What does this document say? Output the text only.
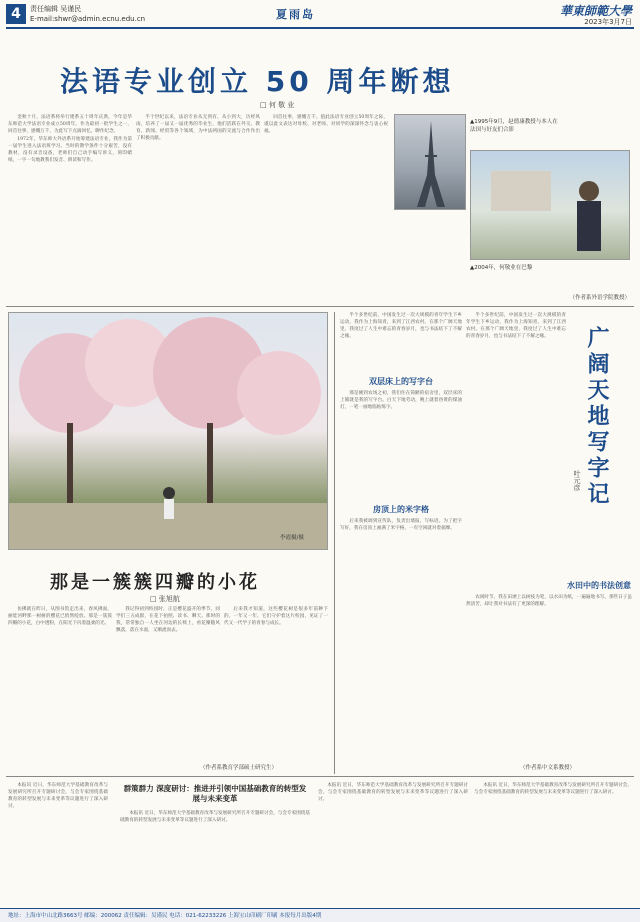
4	责任编辑 吴谨民
E-mail:shwr@admin.ecnu.edu.cn	夏雨岛	華東師範大學
2023年3月7日
法语专业创立 50 周年断想
□ 何 敬 业

金秋十月，法语系将举行建系五十周年庆典，今年是华东师范大学法语专业成立50周年。作为最初一批学生之一，回首往事，感慨万千，为此写下点滴回忆，聊作纪念。

1972年，华东师大外语系开始筹建法语专业，我作为第一届学生进入法语班学习。当时的教学条件十分艰苦，没有教材，没有录音设备，老师们自己动手编写讲义，刻印蜡纸，一字一句地教我们发音、朗读和写作。

半个世纪以来，法语专业从无到有、从小到大，历经风雨，培养了一届又一届优秀的毕业生，他们活跃在外交、教育、新闻、经贸等各个领域，为中法两国的交流与合作作出了积极贡献。

回首往事，感慨万千。值此法语专业创立50周年之际，谨以此文表达对母校、对老师、对同学的深深怀念与衷心祝福。

▲1995年9月，赵德康教授与本人在法国与好友们合影
▲2004年，何敬业在巴黎
（作者系外语学院教授）
李霞摄/摄
那是一簇簇四瓣的小花
□ 张旭航

仿佛就在昨日，从图书馆走出来，春风拂面，丽娃河畔那一树树的樱花已悄然绽放。那是一簇簇四瓣的小花，白中透粉，在阳光下闪着温柔的光。

我记得初到校园时，正是樱花盛开的季节。同学们三五成群，在花下拍照、读书、聊天。那时的我，常常独自一人坐在河边的长椅上，看花瓣随风飘落，落在水面，又顺流而去。

后来我才知道，这些樱花树是很多年前种下的，一年又一年，它们守护着这片校园，见证了一代又一代学子的青春与成长。

（作者系教育学部硕士研究生）

半个多世纪前，中国发生过一次大规模的青年学生下乡运动，我作为上海知青，来到了江西农村。在那个广阔天地里，我度过了人生中难忘的青春岁月，也与书法结下了不解之缘。

双层床上的写字台

那是刚到农场之初，我们住在简陋的宿舍里，双层床的上铺就是我的写字台。白天下地劳动，晚上就着昏黄的煤油灯，一笔一画地临帖练字。

房顶上的米字格

后来我被调到宣传队，负责出墙报、写标语。为了把字写好，我在房顶上画满了米字格，一有空闲就对着揣摩。

半个多世纪前，中国发生过一次大规模的青年学生下乡运动，我作为上海知青，来到了江西农村。在那个广阔天地里，我度过了人生中难忘的青春岁月，也与书法结下了不解之缘。	广阔天地写字记
叶元彦
水田中的书法创意

农闲时节，我在田埂上以树枝为笔，以水田为纸，一遍遍地书写。那些日子虽然清苦，却让我对书法有了更深的理解。

（作者系中文系教授）

本报讯 近日，华东师范大学基础教育改革与发展研究所召开专题研讨会，与会专家围绕基础教育的转型发展与未来变革等议题进行了深入研讨。

群策群力 深度研讨：推进并引领中国基础教育的转型发展与未来变革

本报讯 近日，华东师范大学基础教育改革与发展研究所召开专题研讨会，与会专家围绕基础教育的转型发展与未来变革等议题进行了深入研讨。

本报讯 近日，华东师范大学基础教育改革与发展研究所召开专题研讨会，与会专家围绕基础教育的转型发展与未来变革等议题进行了深入研讨。

本报讯 近日，华东师范大学基础教育改革与发展研究所召开专题研讨会，与会专家围绕基础教育的转型发展与未来变革等议题进行了深入研讨。

地址：上海市中山北路3663号 邮编：200062 责任编辑：吴谨民 电话：021-62233226 上海宝山印刷厂印刷 本报每月出版4期
